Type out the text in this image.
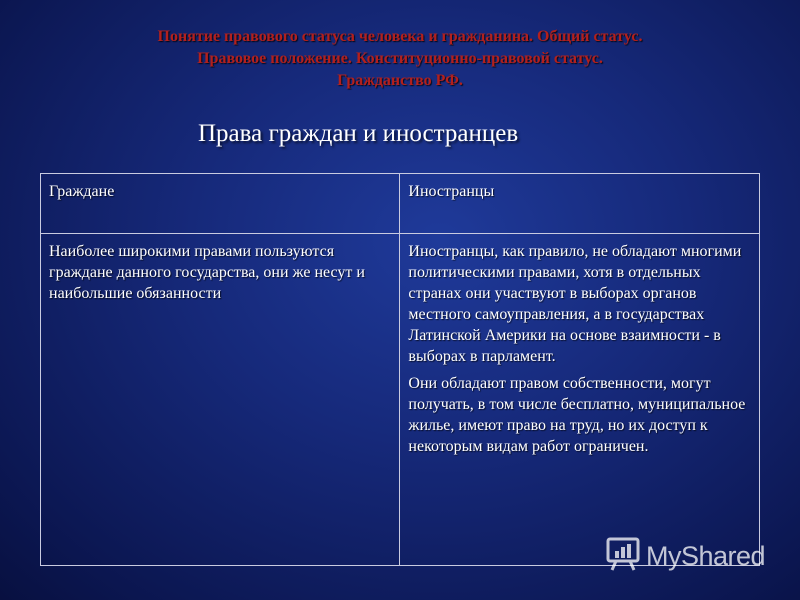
Понятие правового статуса человека и гражданина. Общий статус.
Правовое положение. Конституционно-правовой статус.
Гражданство РФ.
Права граждан и иностранцев
Граждане	Иностранцы

Наиболее широкими правами пользуются граждане данного государства, они же несут и наибольшие обязанности	Иностранцы, как правило, не обладают многими политическими правами, хотя в отдельных странах они участвуют в выборах органов местного самоуправления, а в государствах Латинской Америки на основе взаимности - в выборах в парламент.

Они обладают правом собственности, могут получать, в том числе бесплатно, муниципальное жилье, имеют право на труд, но их доступ к некоторым видам работ ограничен.

MyShared
